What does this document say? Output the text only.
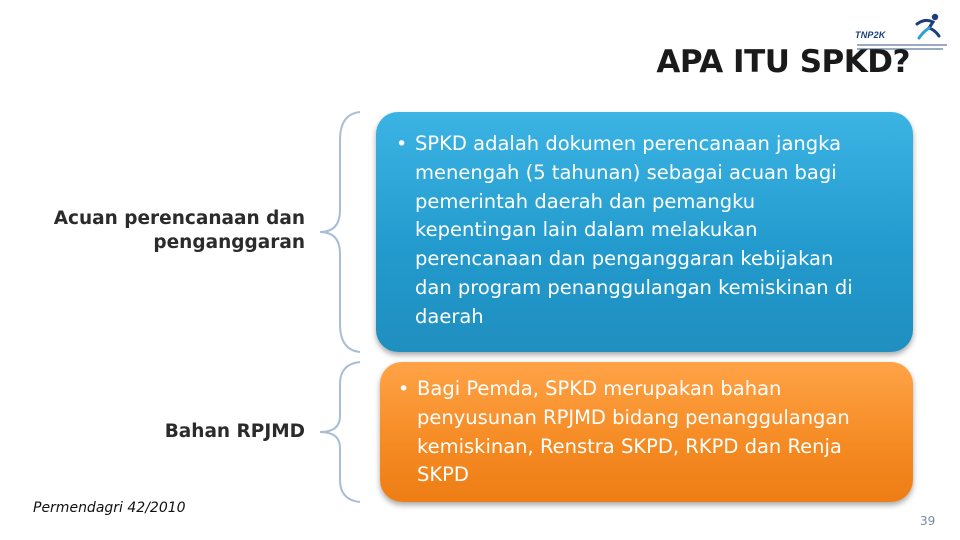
TNP2K
APA ITU SPKD?
Acuan perencanaan dan
penganggaran
Bahan RPJMD
• SPKD adalah dokumen perencanaan jangka
menengah (5 tahunan) sebagai acuan bagi
pemerintah daerah dan pemangku
kepentingan lain dalam melakukan
perencanaan dan penganggaran kebijakan
dan program penanggulangan kemiskinan di
daerah
• Bagi Pemda, SPKD merupakan bahan
penyusunan RPJMD bidang penanggulangan
kemiskinan, Renstra SKPD, RKPD dan Renja
SKPD
Permendagri 42/2010
39
